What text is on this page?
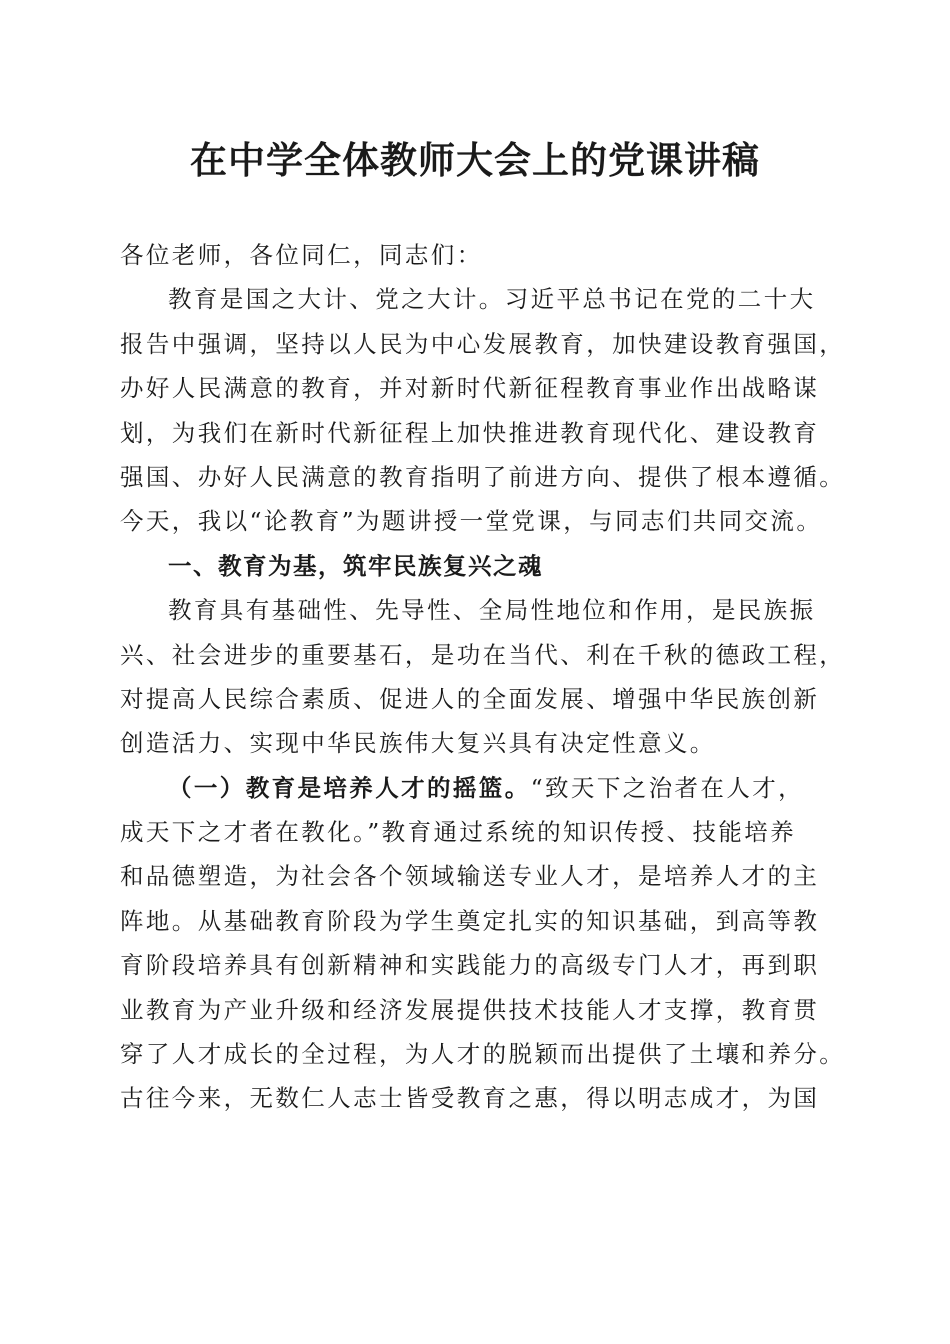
在中学全体教师大会上的党课讲稿
各位老师，各位同仁，同志们：
教育是国之大计、党之大计。习近平总书记在党的二十大
报告中强调，坚持以人民为中心发展教育，加快建设教育强国，
办好人民满意的教育，并对新时代新征程教育事业作出战略谋
划，为我们在新时代新征程上加快推进教育现代化、建设教育
强国、办好人民满意的教育指明了前进方向、提供了根本遵循。
今天，我以“论教育”为题讲授一堂党课，与同志们共同交流。
一、教育为基，筑牢民族复兴之魂
教育具有基础性、先导性、全局性地位和作用，是民族振
兴、社会进步的重要基石，是功在当代、利在千秋的德政工程，
对提高人民综合素质、促进人的全面发展、增强中华民族创新
创造活力、实现中华民族伟大复兴具有决定性意义。
（一）教育是培养人才的摇篮。“致天下之治者在人才，
成天下之才者在教化。”教育通过系统的知识传授、技能培养
和品德塑造，为社会各个领域输送专业人才，是培养人才的主
阵地。从基础教育阶段为学生奠定扎实的知识基础，到高等教
育阶段培养具有创新精神和实践能力的高级专门人才，再到职
业教育为产业升级和经济发展提供技术技能人才支撑，教育贯
穿了人才成长的全过程，为人才的脱颖而出提供了土壤和养分。
古往今来，无数仁人志士皆受教育之惠，得以明志成才，为国
